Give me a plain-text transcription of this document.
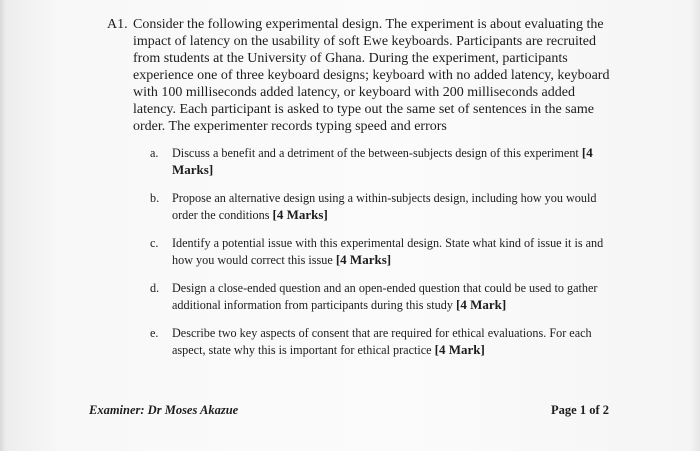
A1. Consider the following experimental design. The experiment is about evaluating the impact of latency on the usability of soft Ewe keyboards. Participants are recruited from students at the University of Ghana. During the experiment, participants experience one of three keyboard designs; keyboard with no added latency, keyboard with 100 milliseconds added latency, or keyboard with 200 milliseconds added latency. Each participant is asked to type out the same set of sentences in the same order. The experimenter records typing speed and errors

a. Discuss a benefit and a detriment of the between-subjects design of this experiment [4 Marks]

b. Propose an alternative design using a within-subjects design, including how you would order the conditions [4 Marks]

c. Identify a potential issue with this experimental design. State what kind of issue it is and how you would correct this issue [4 Marks]

d. Design a close-ended question and an open-ended question that could be used to gather additional information from participants during this study [4 Mark]

e. Describe two key aspects of consent that are required for ethical evaluations. For each aspect, state why this is important for ethical practice [4 Mark]

Examiner: Dr Moses Akazue	Page 1 of 2
